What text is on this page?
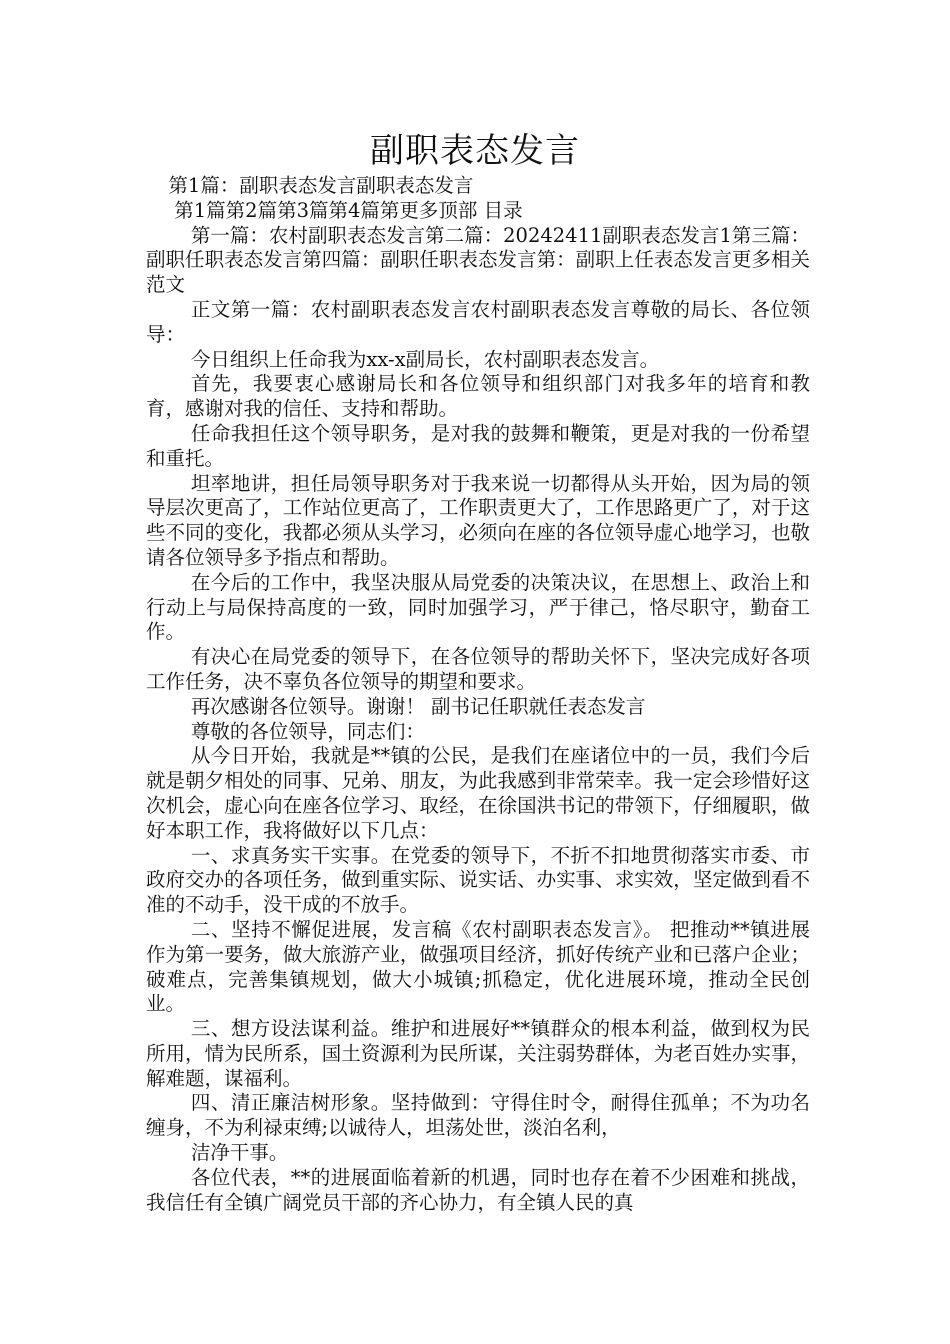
副职表态发言

第1篇：副职表态发言副职表态发言

第1篇第2篇第3篇第4篇第更多顶部 目录

第一篇：农村副职表态发言第二篇：20242411副职表态发言1第三篇：副职任职表态发言第四篇：副职任职表态发言第：副职上任表态发言更多相关范文

正文第一篇：农村副职表态发言农村副职表态发言尊敬的局长、各位领导：

今日组织上任命我为xx-x副局长，农村副职表态发言。

首先，我要衷心感谢局长和各位领导和组织部门对我多年的培育和教育，感谢对我的信任、支持和帮助。

任命我担任这个领导职务，是对我的鼓舞和鞭策，更是对我的一份希望和重托。

坦率地讲，担任局领导职务对于我来说一切都得从头开始，因为局的领导层次更高了，工作站位更高了，工作职责更大了，工作思路更广了，对于这些不同的变化，我都必须从头学习，必须向在座的各位领导虚心地学习，也敬请各位领导多予指点和帮助。

在今后的工作中，我坚决服从局党委的决策决议，在思想上、政治上和行动上与局保持高度的一致，同时加强学习，严于律己，恪尽职守，勤奋工作。

有决心在局党委的领导下，在各位领导的帮助关怀下，坚决完成好各项工作任务，决不辜负各位领导的期望和要求。

再次感谢各位领导。谢谢！ 副书记任职就任表态发言

尊敬的各位领导，同志们：

从今日开始，我就是**镇的公民，是我们在座诸位中的一员，我们今后就是朝夕相处的同事、兄弟、朋友，为此我感到非常荣幸。我一定会珍惜好这次机会，虚心向在座各位学习、取经，在徐国洪书记的带领下，仔细履职，做好本职工作，我将做好以下几点：

一、求真务实干实事。在党委的领导下，不折不扣地贯彻落实市委、市政府交办的各项任务，做到重实际、说实话、办实事、求实效，坚定做到看不准的不动手，没干成的不放手。

二、坚持不懈促进展，发言稿《农村副职表态发言》。 把推动**镇进展作为第一要务，做大旅游产业，做强项目经济，抓好传统产业和已落户企业；破难点，完善集镇规划，做大小城镇;抓稳定，优化进展环境，推动全民创业。

三、想方设法谋利益。维护和进展好**镇群众的根本利益，做到权为民所用，情为民所系，国土资源利为民所谋，关注弱势群体，为老百姓办实事，解难题，谋福利。

四、清正廉洁树形象。坚持做到：守得住时令，耐得住孤单；不为功名缠身，不为利禄束缚;以诚待人，坦荡处世，淡泊名利，

洁净干事。

各位代表，**的进展面临着新的机遇，同时也存在着不少困难和挑战，我信任有全镇广阔党员干部的齐心协力，有全镇人民的真
